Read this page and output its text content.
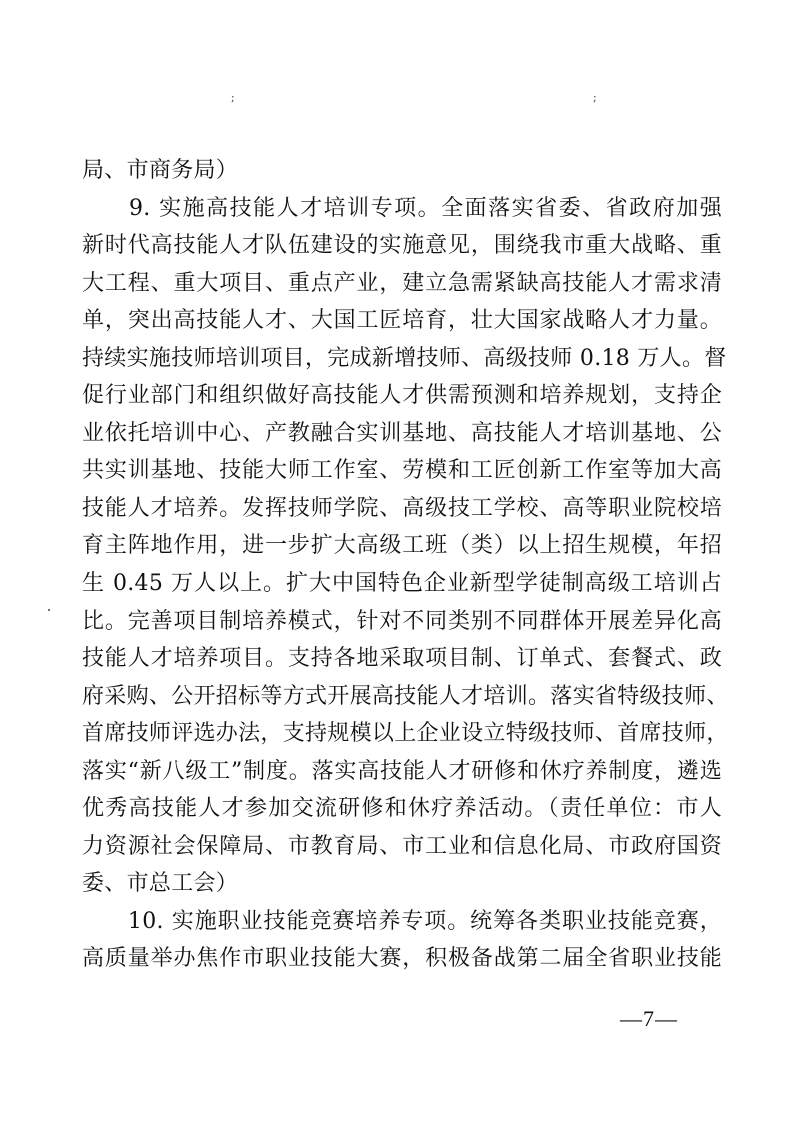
;	;
局、市商务局）
　　9. 实施高技能人才培训专项。全面落实省委、省政府加强
新时代高技能人才队伍建设的实施意见，围绕我市重大战略、重
大工程、重大项目、重点产业，建立急需紧缺高技能人才需求清
单，突出高技能人才、大国工匠培育，壮大国家战略人才力量。
持续实施技师培训项目，完成新增技师、高级技师 0.18 万人。督
促行业部门和组织做好高技能人才供需预测和培养规划，支持企
业依托培训中心、产教融合实训基地、高技能人才培训基地、公
共实训基地、技能大师工作室、劳模和工匠创新工作室等加大高
技能人才培养。发挥技师学院、高级技工学校、高等职业院校培
育主阵地作用，进一步扩大高级工班（类）以上招生规模，年招
生 0.45 万人以上。扩大中国特色企业新型学徒制高级工培训占
比。完善项目制培养模式，针对不同类别不同群体开展差异化高
技能人才培养项目。支持各地采取项目制、订单式、套餐式、政
府采购、公开招标等方式开展高技能人才培训。落实省特级技师、
首席技师评选办法，支持规模以上企业设立特级技师、首席技师，
落实“新八级工”制度。落实高技能人才研修和休疗养制度，遴选
优秀高技能人才参加交流研修和休疗养活动。（责任单位：市人
力资源社会保障局、市教育局、市工业和信息化局、市政府国资
委、市总工会）
　　10. 实施职业技能竞赛培养专项。统筹各类职业技能竞赛，
高质量举办焦作市职业技能大赛，积极备战第二届全省职业技能
—7—
